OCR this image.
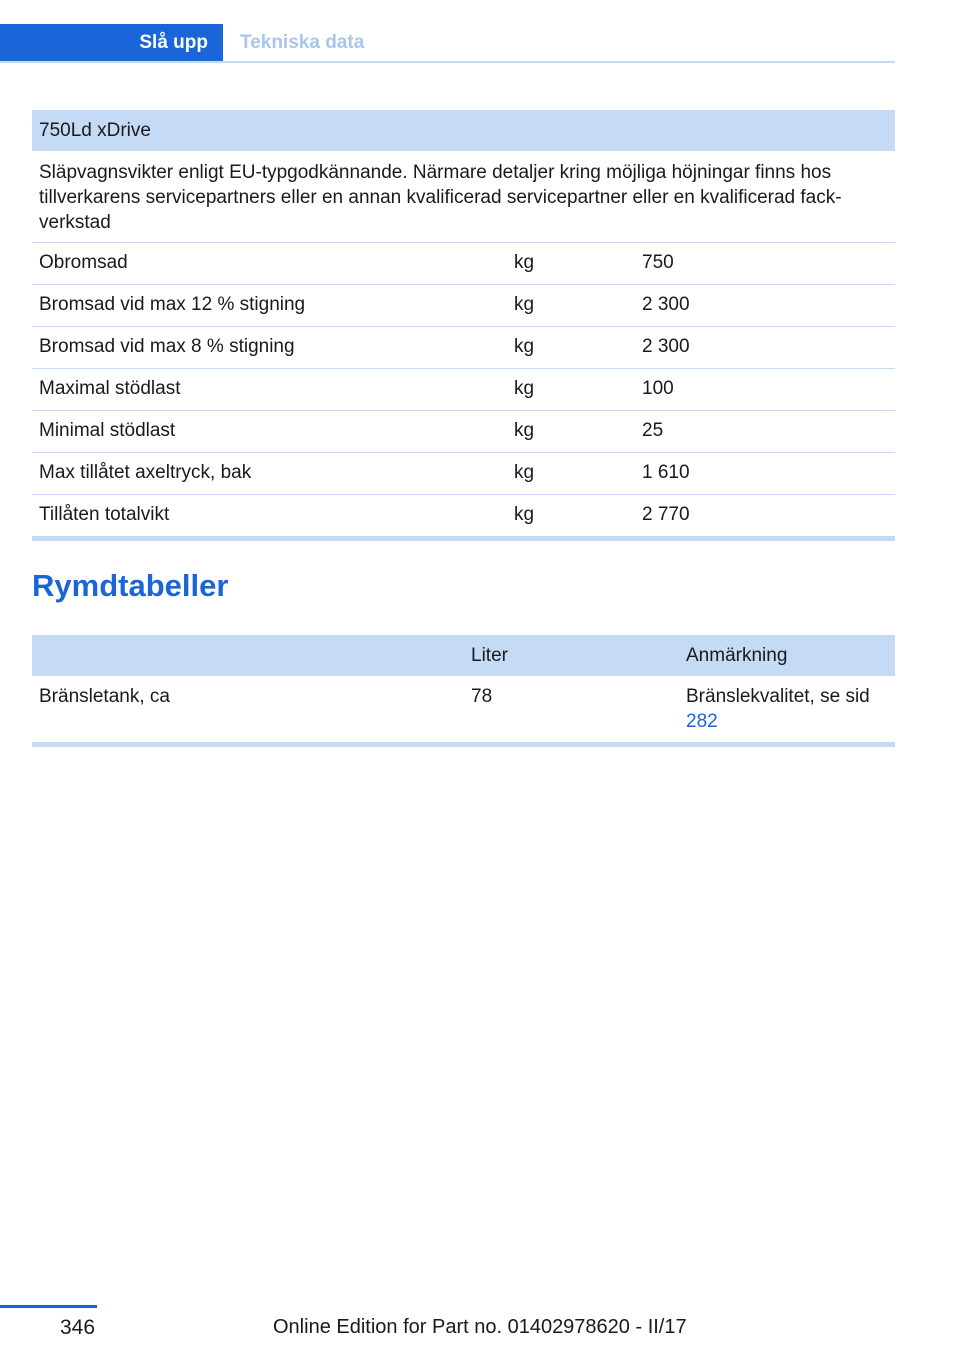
Slå upp	Tekniska data
750Ld xDrive		
Släpvagnsvikter enligt EU-typgodkännande. Närmare detaljer kring möjliga höjningar finns hos tillverkarens servicepartners eller en annan kvalificerad servicepartner eller en kvalificerad fack-verkstad		
Obromsad	kg	750
Bromsad vid max 12 % stigning	kg	2 300
Bromsad vid max 8 % stigning	kg	2 300
Maximal stödlast	kg	100
Minimal stödlast	kg	25
Max tillåtet axeltryck, bak	kg	1 610
Tillåten totalvikt	kg	2 770
Rymdtabeller
	Liter	Anmärkning
Bränsletank, ca	78	Bränslekvalitet, se sid 282
346	Online Edition for Part no. 01402978620 - II/17
